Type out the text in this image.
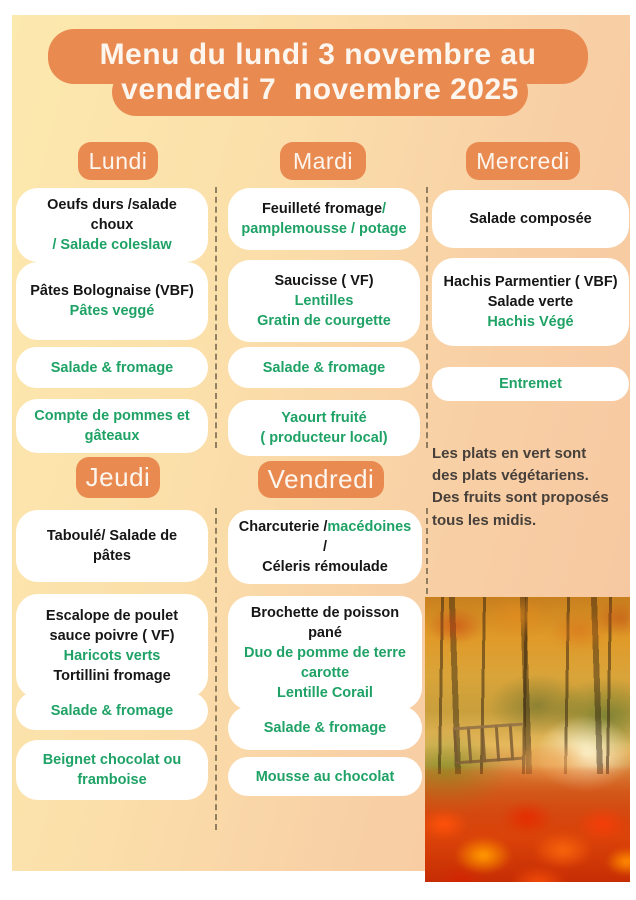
Menu du lundi 3 novembre au
vendredi 7  novembre 2025
Lundi
Oeufs durs /salade choux
/ Salade coleslaw
Pâtes Bolognaise (VBF)
Pâtes veggé
Salade & fromage
Compte de pommes et gâteaux
Mardi
Feuilleté fromage/
pamplemousse / potage
Saucisse ( VF)
Lentilles
Gratin de courgette
Salade & fromage
Yaourt fruité
( producteur local)
Mercredi
Salade composée
Hachis Parmentier ( VBF)
Salade verte
Hachis Végé
Entremet
Jeudi
Taboulé/ Salade de pâtes
Escalope de poulet sauce poivre ( VF)
Haricots verts
Tortillini fromage
Salade & fromage
Beignet chocolat ou framboise
Vendredi
Charcuterie /macédoines /
Céleris rémoulade
Brochette de poisson pané
Duo de pomme de terre carotte
Lentille Corail
Salade & fromage
Mousse au chocolat
Les plats en vert sont
des plats végétariens.
Des fruits sont proposés
tous les midis.
